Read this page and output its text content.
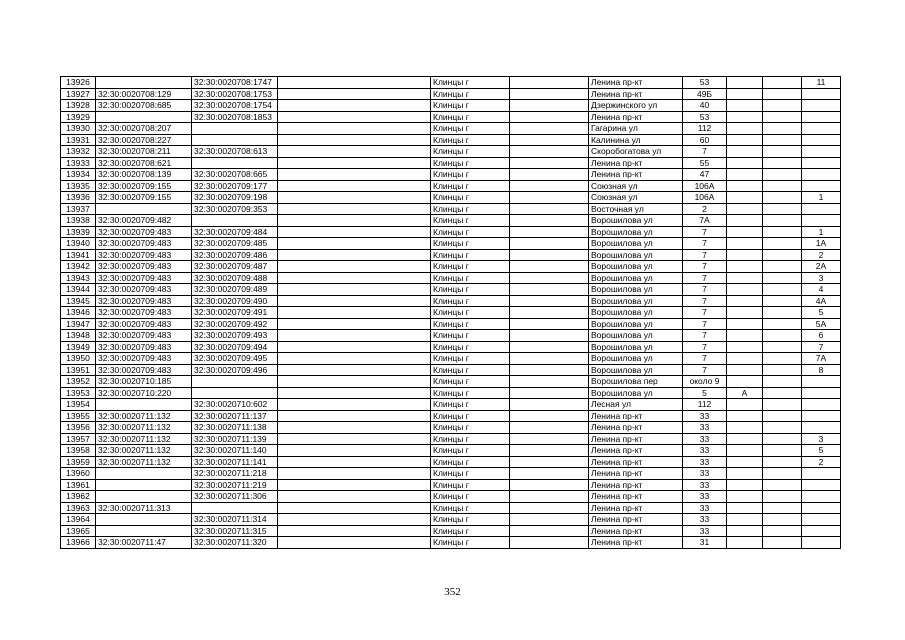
13926		32:30:0020708:1747		Клинцы г		Ленина пр-кт	53			11
13927	32:30:0020708:129	32:30:0020708:1753		Клинцы г		Ленина пр-кт	49Б			
13928	32:30:0020708:685	32:30:0020708:1754		Клинцы г		Дзержинского ул	40			
13929		32:30:0020708:1853		Клинцы г		Ленина пр-кт	53			
13930	32:30:0020708:207			Клинцы г		Гагарина ул	112			
13931	32:30:0020708:227			Клинцы г		Калинина ул	60			
13932	32:30:0020708:211	32:30:0020708:613		Клинцы г		Скоробогатова ул	7			
13933	32:30:0020708:621			Клинцы г		Ленина пр-кт	55			
13934	32:30:0020708:139	32:30:0020708:665		Клинцы г		Ленина пр-кт	47			
13935	32:30:0020709:155	32:30:0020709:177		Клинцы г		Союзная ул	106А			
13936	32:30:0020709:155	32:30:0020709:198		Клинцы г		Союзная ул	106А			1
13937		32:30:0020709:353		Клинцы г		Восточная ул	2			
13938	32:30:0020709:482			Клинцы г		Ворошилова ул	7А			
13939	32:30:0020709:483	32:30:0020709:484		Клинцы г		Ворошилова ул	7			1
13940	32:30:0020709:483	32:30:0020709:485		Клинцы г		Ворошилова ул	7			1А
13941	32:30:0020709:483	32:30:0020709:486		Клинцы г		Ворошилова ул	7			2
13942	32:30:0020709:483	32:30:0020709:487		Клинцы г		Ворошилова ул	7			2А
13943	32:30:0020709:483	32:30:0020709:488		Клинцы г		Ворошилова ул	7			3
13944	32:30:0020709:483	32:30:0020709:489		Клинцы г		Ворошилова ул	7			4
13945	32:30:0020709:483	32:30:0020709:490		Клинцы г		Ворошилова ул	7			4А
13946	32:30:0020709:483	32:30:0020709:491		Клинцы г		Ворошилова ул	7			5
13947	32:30:0020709:483	32:30:0020709:492		Клинцы г		Ворошилова ул	7			5А
13948	32:30:0020709:483	32:30:0020709:493		Клинцы г		Ворошилова ул	7			6
13949	32:30:0020709:483	32:30:0020709:494		Клинцы г		Ворошилова ул	7			7
13950	32:30:0020709:483	32:30:0020709:495		Клинцы г		Ворошилова ул	7			7А
13951	32:30:0020709:483	32:30:0020709:496		Клинцы г		Ворошилова ул	7			8
13952	32:30:0020710:185			Клинцы г		Ворошилова пер	около 9			
13953	32:30:0020710:220			Клинцы г		Ворошилова ул	5	А		
13954		32:30:0020710:602		Клинцы г		Лесная ул	112			
13955	32:30:0020711:132	32:30:0020711:137		Клинцы г		Ленина пр-кт	33			
13956	32:30:0020711:132	32:30:0020711:138		Клинцы г		Ленина пр-кт	33			
13957	32:30:0020711:132	32:30:0020711:139		Клинцы г		Ленина пр-кт	33			3
13958	32:30:0020711:132	32:30:0020711:140		Клинцы г		Ленина пр-кт	33			5
13959	32:30:0020711:132	32:30:0020711:141		Клинцы г		Ленина пр-кт	33			2
13960		32:30:0020711:218		Клинцы г		Ленина пр-кт	33			
13961		32:30:0020711:219		Клинцы г		Ленина пр-кт	33			
13962		32:30:0020711:306		Клинцы г		Ленина пр-кт	33			
13963	32:30:0020711:313			Клинцы г		Ленина пр-кт	33			
13964		32:30:0020711:314		Клинцы г		Ленина пр-кт	33			
13965		32:30:0020711:315		Клинцы г		Ленина пр-кт	33			
13966	32:30:0020711:47	32:30:0020711:320		Клинцы г		Ленина пр-кт	31			
352
